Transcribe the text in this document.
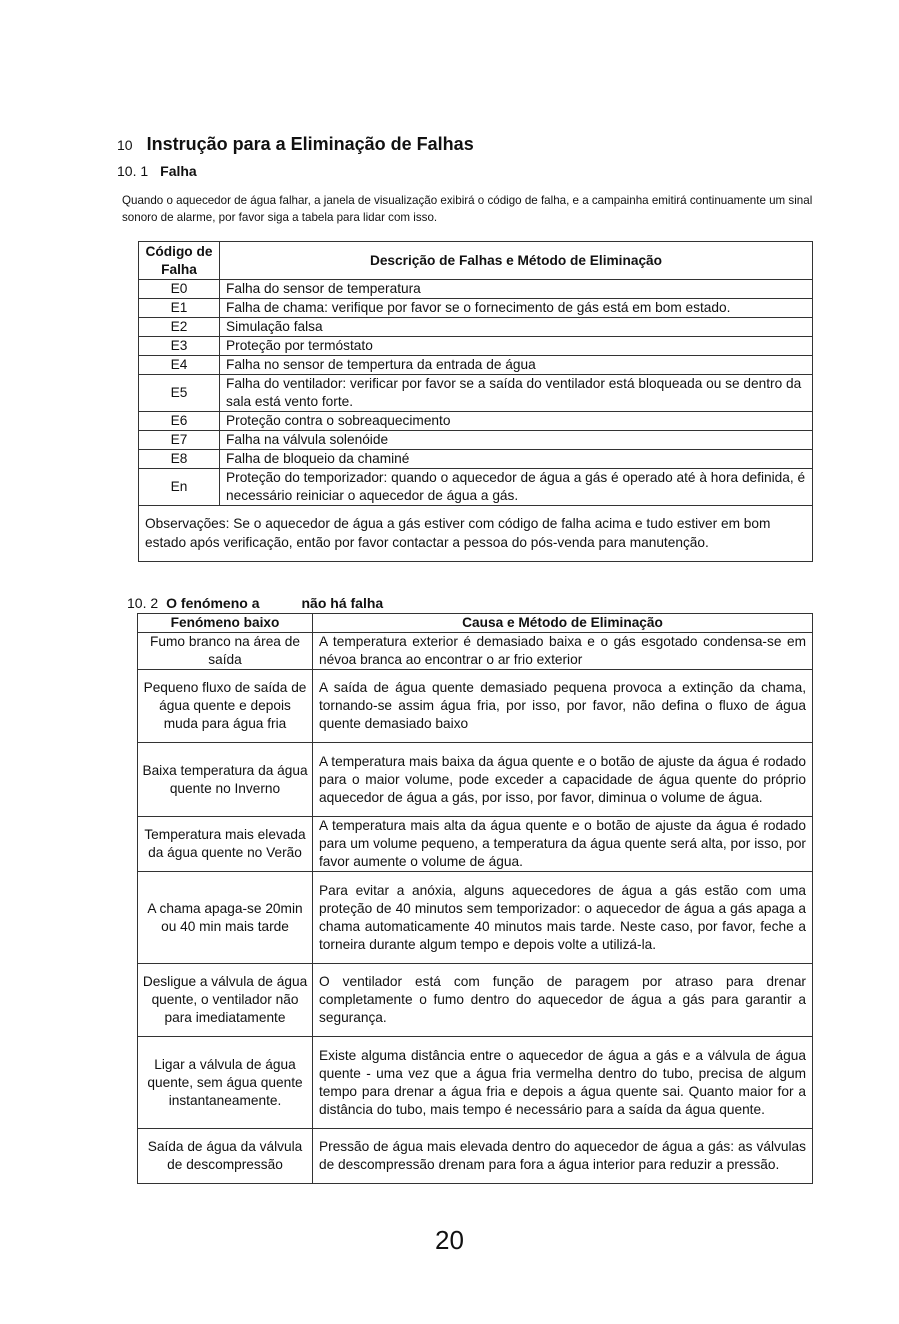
10 Instrução para a Eliminação de Falhas
10. 1 Falha
Quando o aquecedor de água falhar, a janela de visualização exibirá o código de falha, e a campainha emitirá continuamente um sinal sonoro de alarme, por favor siga a tabela para lidar com isso.
Código de Falha	Descrição de Falhas e Método de Eliminação
E0	Falha do sensor de temperatura
E1	Falha de chama: verifique por favor se o fornecimento de gás está em bom estado.
E2	Simulação falsa
E3	Proteção por termóstato
E4	Falha no sensor de tempertura da entrada de água
E5	Falha do ventilador: verificar por favor se a saída do ventilador está bloqueada ou se dentro da sala está vento forte.
E6	Proteção contra o sobreaquecimento
E7	Falha na válvula solenóide
E8	Falha de bloqueio da chaminé
En	Proteção do temporizador: quando o aquecedor de água a gás é operado até à hora definida, é necessário reiniciar o aquecedor de água a gás.
Observações: Se o aquecedor de água a gás estiver com código de falha acima e tudo estiver em bom estado após verificação, então por favor contactar a pessoa do pós-venda para manutenção.	
10. 2 O fenómeno a	não há falha
Fenómeno baixo	Causa e Método de Eliminação
Fumo branco na área de saída	A temperatura exterior é demasiado baixa e o gás esgotado condensa-se em névoa branca ao encontrar o ar frio exterior
Pequeno fluxo de saída de água quente e depois muda para água fria	A saída de água quente demasiado pequena provoca a extinção da chama, tornando-se assim água fria, por isso, por favor, não defina o fluxo de água quente demasiado baixo
Baixa temperatura da água quente no Inverno	A temperatura mais baixa da água quente e o botão de ajuste da água é rodado para o maior volume, pode exceder a capacidade de água quente do próprio aquecedor de água a gás, por isso, por favor, diminua o volume de água.
Temperatura mais elevada da água quente no Verão	A temperatura mais alta da água quente e o botão de ajuste da água é rodado para um volume pequeno, a temperatura da água quente será alta, por isso, por favor aumente o volume de água.
A chama apaga-se 20min ou 40 min mais tarde	Para evitar a anóxia, alguns aquecedores de água a gás estão com uma proteção de 40 minutos sem temporizador: o aquecedor de água a gás apaga a chama automaticamente 40 minutos mais tarde. Neste caso, por favor, feche a torneira durante algum tempo e depois volte a utilizá-la.
Desligue a válvula de água quente, o ventilador não para imediatamente	O ventilador está com função de paragem por atraso para drenar completamente o fumo dentro do aquecedor de água a gás para garantir a segurança.
Ligar a válvula de água quente, sem água quente instantaneamente.	Existe alguma distância entre o aquecedor de água a gás e a válvula de água quente - uma vez que a água fria vermelha dentro do tubo, precisa de algum tempo para drenar a água fria e depois a água quente sai. Quanto maior for a distância do tubo, mais tempo é necessário para a saída da água quente.
Saída de água da válvula de descompressão	Pressão de água mais elevada dentro do aquecedor de água a gás: as válvulas de descompressão drenam para fora a água interior para reduzir a pressão.
20
